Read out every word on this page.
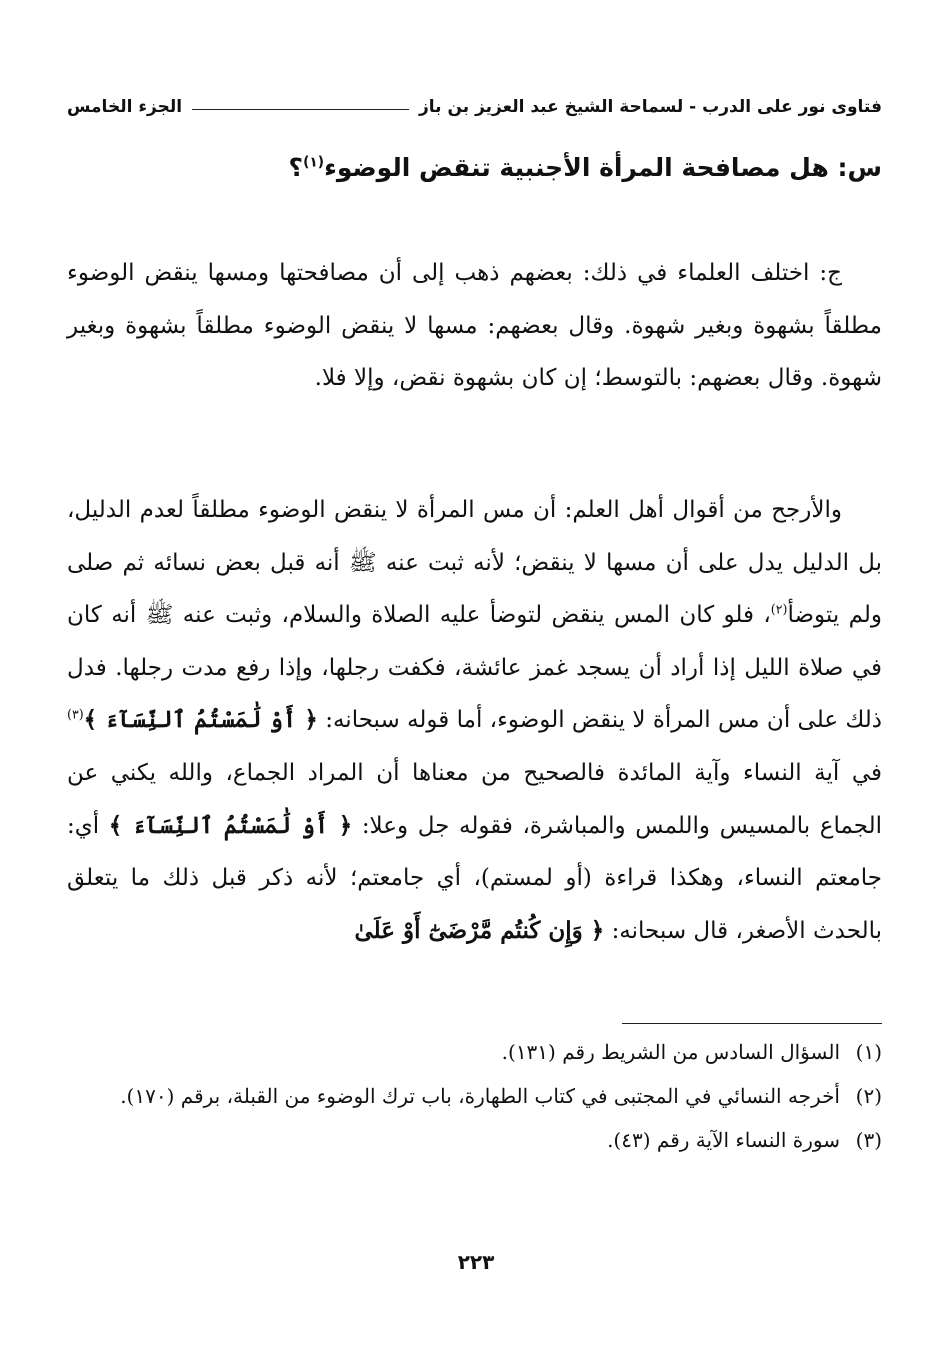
فتاوى نور على الدرب - لسماحة الشيخ عبد العزيز بن باز
الجزء الخامس
س: هل مصافحة المرأة الأجنبية تنقض الوضوء$^{(١)}$؟

ج: اختلف العلماء في ذلك: بعضهم ذهب إلى أن مصافحتها ومسها ينقض الوضوء مطلقاً بشهوة وبغير شهوة. وقال بعضهم: مسها لا ينقض الوضوء مطلقاً بشهوة وبغير شهوة. وقال بعضهم: بالتوسط؛ إن كان بشهوة نقض، وإلا فلا.

والأرجح من أقوال أهل العلم: أن مس المرأة لا ينقض الوضوء مطلقاً لعدم الدليل، بل الدليل يدل على أن مسها لا ينقض؛ لأنه ثبت عنه ﷺ أنه قبل بعض نسائه ثم صلى ولم يتوضأ$^{(٢)}$، فلو كان المس ينقض لتوضأ عليه الصلاة والسلام، وثبت عنه ﷺ أنه كان في صلاة الليل إذا أراد أن يسجد غمز عائشة، فكفت رجلها، وإذا رفع مدت رجلها. فدل ذلك على أن مس المرأة لا ينقض الوضوء، أما قوله سبحانه: ﴿ أَوْ لَٰمَسْتُمُ ٱلنِّسَآءَ ﴾$^{(٣)}$ في آية النساء وآية المائدة فالصحيح من معناها أن المراد الجماع، والله يكني عن الجماع بالمسيس واللمس والمباشرة، فقوله جل وعلا: ﴿ أَوْ لَٰمَسْتُمُ ٱلنِّسَآءَ ﴾ أي: جامعتم النساء، وهكذا قراءة (أو لمستم)، أي جامعتم؛ لأنه ذكر قبل ذلك ما يتعلق بالحدث الأصغر، قال سبحانه: ﴿ وَإِن كُنتُم مَّرْضَىٰٓ أَوْ عَلَىٰ

(١)
السؤال السادس من الشريط رقم (١٣١).
(٢)
أخرجه النسائي في المجتبى في كتاب الطهارة، باب ترك الوضوء من القبلة، برقم (١٧٠).
(٣)
سورة النساء الآية رقم (٤٣).
٢٢٣
